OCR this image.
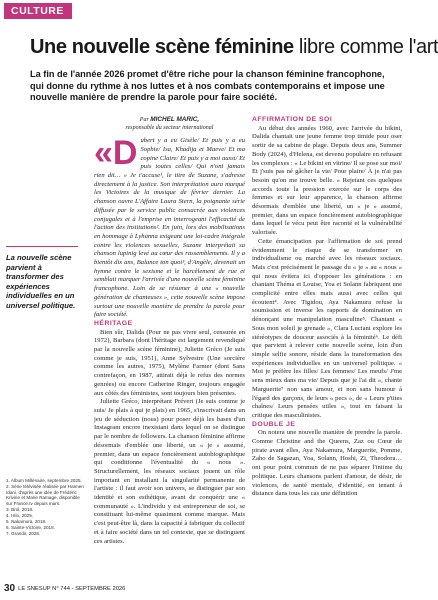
CULTURE
Une nouvelle scène féminine libre comme l'art
La fin de l'année 2026 promet d'être riche pour la chanson féminine francophone, qui donne du rythme à nos luttes et à nos combats contemporains et impose une nouvelle manière de prendre la parole pour faire société.
La nouvelle scène parvient à transformer des expériences individuelles en un universel politique.
1. Album Millénaire, septembre 2025.
2. Série télévisée réalisée par Haïmen Idani, d'après une idée de Frédéric Krivine et Marie Ramage, disponible sur France.tv depuis mars.
3. Brol, 2018.
4. Hilo, 2025.
5. Nakamura, 2018.
6. Sainte-Victoire, 2018.
7. Grandir, 2025.
Par MICHEL MARIC,
responsable du secteur international

«D ubert y a eu Gisèle/ Et puis y a eu Sophie/ Isa, Khadija et Maeve/ Et ma copine Claire/ Et puis y a moi aussi/ Et puis toutes celles/ Qui n'ont jamais rien dit… » Je t'accuse¹, le titre de Suzane, s'adresse directement à la justice. Son interprétation aura marqué les Victoires de la musique de février dernier. La chanson ouvre L'Affaire Laura Stern, la poignante série diffusée par le service public consacrée aux violences conjugales et à l'emprise en interrogeant l'efficacité de l'action des institutions². En juin, lors des mobilisations en hommage à Lyhanna exigeant une loi-cadre intégrale contre les violences sexuelles, Suzane interprétait sa chanson lupinig levé au cœur des rassemblements. Il y a bientôt dix ans, Balance ton quoi³, d'Angèle, devenait un hymne contre le sexisme et le harcèlement de rue et semblait marquer l'arrivée d'une nouvelle scène féminine francophone. Loin de se résumer à une « nouvelle génération de chanteuses », cette nouvelle scène impose surtout une nouvelle manière de prendre la parole pour faire société.

HÉRITAGE

Bien sûr, Dalida (Pour ne pas vivre seul, censurée en 1972), Barbara (dont l'héritage est largement revendiqué par la nouvelle scène féminine), Juliette Gréco (Je suis comme je suis, 1951), Anne Sylvestre (Une sorcière comme les autres, 1975), Mylène Farmer (dont Sans contrefaçon, en 1987, attirait déjà le refus des normes genrées) ou encore Catherine Ringer, toujours engagée aux côtés des féministes, sont toujours bien présentes.

Juliette Gréco, interprétant Prévert (Je suis comme je suis/ Je plais à qui je plais) en 1965, s'inscrivait dans un jeu de séduction (nous) pour poser déjà les bases d'un Instagram encore inexistant dans lequel on se distingue par le nombre de followers. La chanson féminine affirme désormais d'emblée une liberté, un « je » assumé, premier, dans un espace foncièrement autobiographique qui conditionne l'éventualité du « nous ». Structurellement, les réseaux sociaux jouent un rôle important en installant la singularité permanente de l'artiste : il faut avoir son univers, se distinguer par son identité et son esthétique, avant de conquérir une « communauté ». L'individu y est entrepreneur de soi, se constituant lui-même quasiment comme marque. Mais c'est peut-être là, dans la capacité à fabriquer du collectif et à faire société dans un tel contexte, que se distinguent ces artistes.

AFFIRMATION DE SOI

Au début des années 1960, avec l'arrivée du bikini, Dalida chantait une jeune femme trop timide pour oser sortir de sa cabine de plage. Depuis deux ans, Summer Body (2024), d'Helena, est devenu populaire en refusant les complexes : « Le bikini en vitrine/ Il se pose sur moi/ Et j'suis pas né gâcher la vie/ Pour plaire/ À je n'ai pas besoin qu'on me trouve belle. » Rejetant ces quelques accords toute la pression exercée sur le corps des femmes et sur leur apparence, la chanson affirme désormais d'emblée une liberté, un « je » assumé, premier, dans un espace foncièrement autobiographique dans lequel le vécu peut être raconté et la vulnérabilité valorisée.

Cette émancipation par l'affirmation de soi prend évidemment le risque de se transformer en individualisme ou marché avec les réseaux sociaux. Mais c'est précisément le passage du « je » au « nous » qui nous évitera ici d'opposer les générations : en chantant Théma et Louise, Yoa et Solann fabriquent une complicité entre elles mais aussi avec celles qui écoutent⁴. Avec Tigidou, Aya Nakamura refuse la soumission et inverse les rapports de domination en dénonçant une manipulation masculine⁵. Chantant « Sous mon soleil je grenade », Clara Luciani explore les stéréotypes de douceur associés à la féminité⁶. Le défi que parvient à relever cette nouvelle scène, loin d'un simple selfie sonore, réside dans la transformation des expériences individuelles en un universel politique. « Moi je préfère les filles/ Les femmes/ Les meufs/ J'me sens mieux dans ma vie/ Depuis que je l'ai dit », chante Marguerite⁷ non sans amour, et non sans humour à l'égard des garçons, de leurs « pecs », de « Leurs p'tites chaînes/ Leurs pensées utiles », tout en faisant la critique des masculinistes.

DOUBLE JE

On notera une nouvelle manière de prendre la parole. Comme Christine and the Queens, Zaz ou Cœur de pirate avant elles, Aya Nakamura, Marguerite, Pomme, Zaho de Sagazan, Yoa, Solann, Hoshi, Zi, Theodora… ont pour point commun de ne pas séparer l'intime du politique. Leurs chansons parlent d'amour, de désir, de violences, de santé mentale, d'identité, en tenant à distance dans tous les cas une définition

30 LE SNESUP N° 744 - SEPTEMBRE 2026
